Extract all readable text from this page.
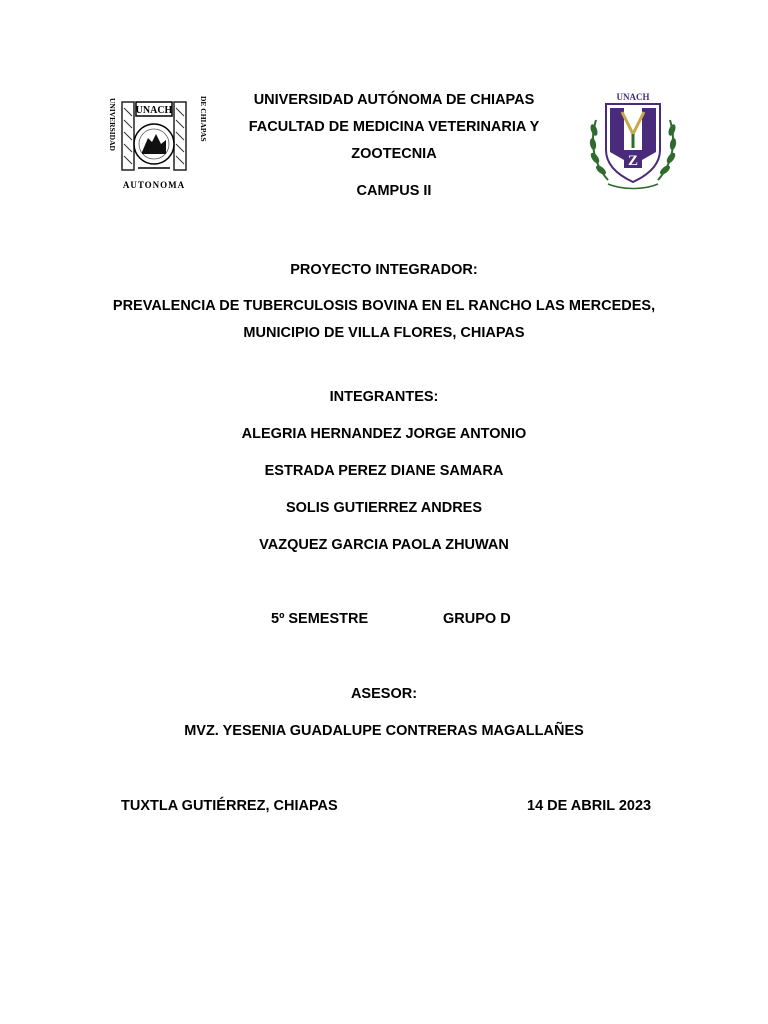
UNIVERSIDAD	DE CHIAPAS
UNACH
AUTONOMA
UNACH
Z
UNIVERSIDAD AUTÓNOMA DE CHIAPAS
FACULTAD DE MEDICINA VETERINARIA Y
ZOOTECNIA
CAMPUS II
PROYECTO INTEGRADOR:
PREVALENCIA DE TUBERCULOSIS BOVINA EN EL RANCHO LAS MERCEDES,
MUNICIPIO DE VILLA FLORES, CHIAPAS
INTEGRANTES:
ALEGRIA HERNANDEZ JORGE ANTONIO
ESTRADA PEREZ DIANE SAMARA
SOLIS GUTIERREZ ANDRES
VAZQUEZ GARCIA PAOLA ZHUWAN
5º SEMESTRE	GRUPO D
ASESOR:
MVZ. YESENIA GUADALUPE CONTRERAS MAGALLAÑES
TUXTLA GUTIÉRREZ, CHIAPAS	14 DE ABRIL 2023
